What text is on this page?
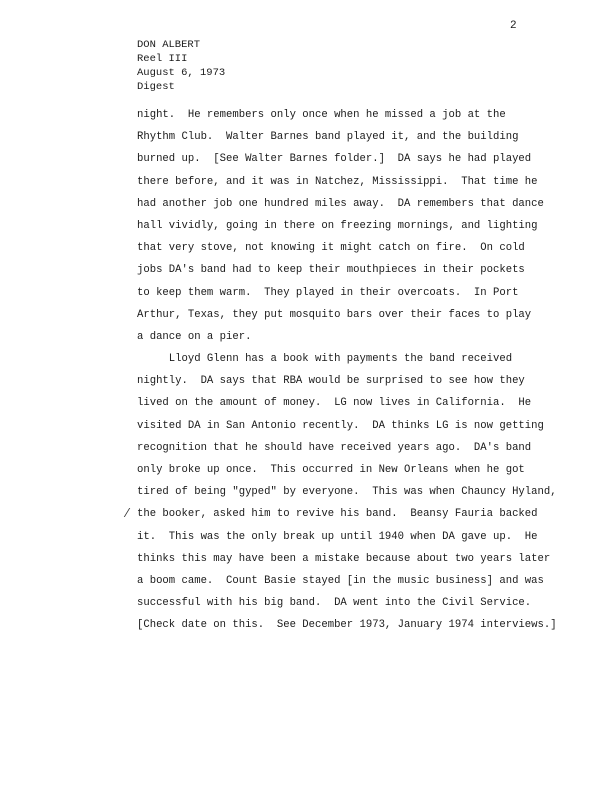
2
DON ALBERT
Reel III
August 6, 1973
Digest
⁄
night.  He remembers only once when he missed a job at the
Rhythm Club.  Walter Barnes band played it, and the building
burned up.  [See Walter Barnes folder.]  DA says he had played
there before, and it was in Natchez, Mississippi.  That time he
had another job one hundred miles away.  DA remembers that dance
hall vividly, going in there on freezing mornings, and lighting
that very stove, not knowing it might catch on fire.  On cold
jobs DA's band had to keep their mouthpieces in their pockets
to keep them warm.  They played in their overcoats.  In Port
Arthur, Texas, they put mosquito bars over their faces to play
a dance on a pier.
Lloyd Glenn has a book with payments the band received
nightly.  DA says that RBA would be surprised to see how they
lived on the amount of money.  LG now lives in California.  He
visited DA in San Antonio recently.  DA thinks LG is now getting
recognition that he should have received years ago.  DA's band
only broke up once.  This occurred in New Orleans when he got
tired of being "gyped" by everyone.  This was when Chauncy Hyland,
the booker, asked him to revive his band.  Beansy Fauria backed
it.  This was the only break up until 1940 when DA gave up.  He
thinks this may have been a mistake because about two years later
a boom came.  Count Basie stayed [in the music business] and was
successful with his big band.  DA went into the Civil Service.
[Check date on this.  See December 1973, January 1974 interviews.]
